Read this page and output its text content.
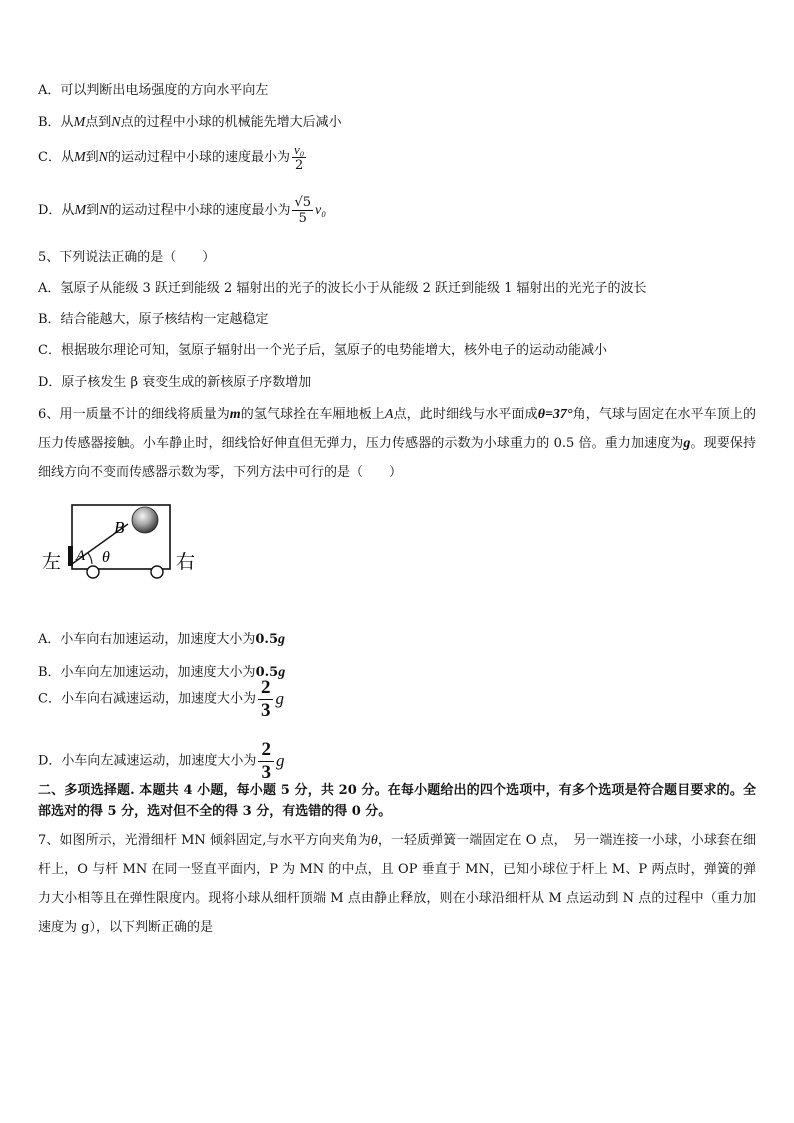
A．可以判断出电场强度的方向水平向左
B．从M点到N点的过程中小球的机械能先增大后减小
C．从M到N的运动过程中小球的速度最小为 $\frac{\text{v₀}}{2}$
D．从M到N的运动过程中小球的速度最小为 $\frac{√5}{5} v_0$
5、下列说法正确的是（　　）
A．氢原子从能级 3 跃迁到能级 2 辐射出的光子的波长小于从能级 2 跃迁到能级 1 辐射出的光光子的波长
B．结合能越大，原子核结构一定越稳定
C．根据玻尔理论可知，氢原子辐射出一个光子后，氢原子的电势能增大，核外电子的运动动能减小
D．原子核发生 β 衰变生成的新核原子序数增加
6、用一质量不计的细线将质量为m的氢气球拴在车厢地板上A点，此时细线与水平面成θ=37°角，气球与固定在水平车顶上的压力传感器接触。小车静止时，细线恰好伸直但无弹力，压力传感器的示数为小球重力的 0.5 倍。重力加速度为g。现要保持细线方向不变而传感器示数为零，下列方法中可行的是（　　）
B
A θ
左	右
A．小车向右加速运动，加速度大小为0.5g
B．小车向左加速运动，加速度大小为0.5g
C．小车向右减速运动，加速度大小为 $\frac{2}{3}$ g
D．小车向左减速运动，加速度大小为 $\frac{2}{3}$ g
二、多项选择题. 本题共 4 小题，每小题 5 分，共 20 分。在每小题给出的四个选项中，有多个选项是符合题目要求的。全部选对的得 5 分，选对但不全的得 3 分，有选错的得 0 分。
7、如图所示，光滑细杆 MN 倾斜固定,与水平方向夹角为θ，一轻质弹簧一端固定在 O 点，　另一端连接一小球，小球套在细杆上，O 与杆 MN 在同一竖直平面内，P 为 MN 的中点，且 OP 垂直于 MN，已知小球位于杆上 M、P 两点时，弹簧的弹力大小相等且在弹性限度内。现将小球从细杆顶端 M 点由静止释放，则在小球沿细杆从 M 点运动到 N 点的过程中（重力加速度为 g），以下判断正确的是
